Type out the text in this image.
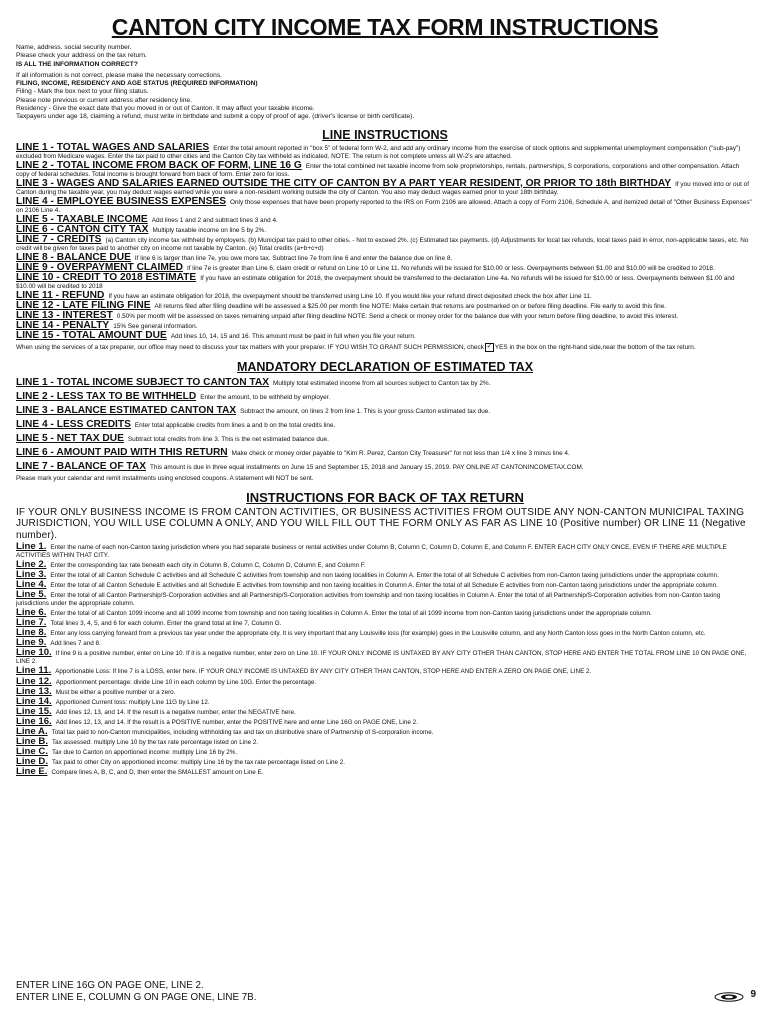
CANTON CITY INCOME TAX FORM INSTRUCTIONS

Name, address. social security number.

Please check your address on the tax return.

IS ALL THE INFORMATION CORRECT?

If all information is not correct, please make the necessary corrections.

FILING, INCOME, RESIDENCY AND AGE STATUS (REQUIRED INFORMATION)

Filing - Mark the box next to your filing status.

Please note previous or current address after residency line.

Residency - Give the exact date that you moved in or out of Canton. It may affect your taxable income.

Taxpayers under age 18, claiming a refund, must write in birthdate and submit a copy of proof of age. (driver's license or birth certificate).

LINE INSTRUCTIONS

LINE 1 - TOTAL WAGES AND SALARIES Enter the total amount reported in "box 5" of federal form W-2, and add any ordinary income from the exercise of stock options and supplemental unemployment compensation ("sub-pay") excluded from Medicare wages. Enter the tax paid to other cities and the Canton City tax withheld as indicated. NOTE: The return is not complete unless all W-2's are attached.

LINE 2 - TOTAL INCOME FROM BACK OF FORM, LINE 16 G Enter the total combined net taxable income from sole proprietorships, rentals, partnerships, S corporations, corporations and other compensation. Attach copy of federal schedules. Total income is brought forward from back of form. Enter zero for loss.

LINE 3 - WAGES AND SALARIES EARNED OUTSIDE THE CITY OF CANTON BY A PART YEAR RESIDENT, OR PRIOR TO 18th BIRTHDAY If you moved into or out of Canton during the taxable year, you may deduct wages earned while you were a non-resident working outside the city of Canton. You also may deduct wages earned prior to your 18th birthday.

LINE 4 - EMPLOYEE BUSINESS EXPENSES Only those expenses that have been properly reported to the IRS on Form 2106 are allowed. Attach a copy of Form 2106, Schedule A, and itemized detail of "Other Business Expenses" on 2106 Line 4.

LINE 5 - TAXABLE INCOME Add lines 1 and 2 and subtract lines 3 and 4.

LINE 6 - CANTON CITY TAX Multiply taxable income on line 5 by 2%.

LINE 7 - CREDITS (a) Canton city income tax withheld by employers. (b) Municipal tax paid to other cities. - Not to exceed 2%. (c) Estimated tax payments. (d) Adjustments for local tax refunds, local taxes paid in error, non-applicable taxes, etc. No credit will be given for taxes paid to another city on income not taxable by Canton. (e) Total credits (a+b+c+d)

LINE 8 - BALANCE DUE If line 6 is larger than line 7e, you owe more tax. Subtract line 7e from line 6 and enter the balance due on line 8.

LINE 9 - OVERPAYMENT CLAIMED If line 7e is greater than Line 6, claim credit or refund on Line 10 or Line 11. No refunds will be issued for $10.00 or less. Overpayments between $1.00 and $10.00 will be credited to 2018.

LINE 10 - CREDIT TO 2018 ESTIMATE If you have an estimate obligation for 2018, the overpayment should be transferred to the declaration Line 4a. No refunds will be issued for $10.00 or less. Overpayments between $1.00 and $10.00 will be credited to 2018

LINE 11 - REFUND If you have an estimate obligation for 2018, the overpayment should be transferred using Line 10. If you would like your refund direct deposited check the box after Line 11.

LINE 12 - LATE FILING FINE All returns filed after filing deadline will be assessed a $25.00 per month fine NOTE: Make certain that returns are postmarked on or before filing deadline. File early to avoid this fine.

LINE 13 - INTEREST 0.50% per month will be assessed on taxes remaining unpaid after filing deadline NOTE: Send a check or money order for the balance due with your return before filing deadline, to avoid this interest.

LINE 14 - PENALTY 15% See general information.

LINE 15 - TOTAL AMOUNT DUE Add lines 10, 14, 15 and 16. This amount must be paid in full when you file your return.

When using the services of a tax preparer, our office may need to discuss your tax matters with your preparer. IF YOU WISH TO GRANT SUCH PERMISSION, check ✓ YES in the box on the right-hand side,near the bottom of the tax return.

MANDATORY DECLARATION OF ESTIMATED TAX

LINE 1 - TOTAL INCOME SUBJECT TO CANTON TAX Multiply total estimated income from all sources subject to Canton tax by 2%.

LINE 2 - LESS TAX TO BE WITHHELD Enter the amount, to be withheld by employer.

LINE 3 - BALANCE ESTIMATED CANTON TAX Subtract the amount, on lines 2 from line 1. This is your gross Canton estimated tax due.

LINE 4 - LESS CREDITS Enter total applicable credits from lines a and b on the total credits line.

LINE 5 - NET TAX DUE Subtract total credits from line 3. This is the net estimated balance due.

LINE 6 - AMOUNT PAID WITH THIS RETURN Make check or money order payable to "Kim R. Perez, Canton City Treasurer" for not less than 1/4 x line 3 minus line 4.

LINE 7 - BALANCE OF TAX This amount is due in three equal installments on June 15 and September 15, 2018 and January 15, 2019. PAY ONLINE AT CANTONINCOMETAX.COM.

Please mark your calendar and remit installments using enclosed coupons. A statement will NOT be sent.

INSTRUCTIONS FOR BACK OF TAX RETURN

IF YOUR ONLY BUSINESS INCOME IS FROM CANTON ACTIVITIES, OR BUSINESS ACTIVITIES FROM OUTSIDE ANY NON-CANTON MUNICIPAL TAXING JURISDICTION, YOU WILL USE COLUMN A ONLY, AND YOU WILL FILL OUT THE FORM ONLY AS FAR AS LINE 10 (Positive number) OR LINE 11 (Negative number).

Line 1. Enter the name of each non-Canton taxing jurisdiction where you had separate business or rental activities under Column B, Column C, Column D, Column E, and Column F. ENTER EACH CITY ONLY ONCE, EVEN IF THERE ARE MULTIPLE ACTIVITIES WITHIN THAT CITY.

Line 2. Enter the corresponding tax rate beneath each city in Column B, Column C, Column D, Column E, and Column F.

Line 3. Enter the total of all Canton Schedule C activities and all Schedule C activities from township and non taxing localities in Column A. Enter the total of all Schedule C activities from non-Canton taxing jurisdictions under the appropriate column.

Line 4. Enter the total of all Canton Schedule E activities and all Schedule E activities from township and non taxing localities in Column A. Enter the total of all Schedule E activities from non-Canton taxing jurisdictions under the appropriate column.

Line 5. Enter the total of all Canton Partnership/S-Corporation activities and all Partnership/S-Corporation activities from township and non taxing localities in Column A. Enter the total of all Partnership/S-Corporation activities from non-Canton taxing jurisdictions under the appropriate column.

Line 6. Enter the total of all Canton 1099 income and all 1099 income from township and non taxing localities in Column A. Enter the total of all 1099 income from non-Canton taxing jurisdictions under the appropriate column.

Line 7. Total lines 3, 4, 5, and 6 for each column. Enter the grand total at line 7, Column G.

Line 8. Enter any loss carrying forward from a previous tax year under the appropriate city. It is very important that any Louisville loss (for example) goes in the Louisville column, and any North Canton loss goes in the North Canton column, etc.

Line 9. Add lines 7 and 8.

Line 10. If line 9 is a positive number, enter on Line 10. If it is a negative number, enter zero on Line 10. IF YOUR ONLY INCOME IS UNTAXED BY ANY CITY OTHER THAN CANTON, STOP HERE AND ENTER THE TOTAL FROM LINE 10 ON PAGE ONE, LINE 2.

Line 11. Apportionable Loss: If line 7 is a LOSS, enter here. IF YOUR ONLY INCOME IS UNTAXED BY ANY CITY OTHER THAN CANTON, STOP HERE AND ENTER A ZERO ON PAGE ONE, LINE 2.

Line 12. Apportionment percentage: divide Line 10 in each column by Line 10G. Enter the percentage.

Line 13. Must be either a positive number or a zero.

Line 14. Apportioned Current loss: multiply Line 11G by Line 12.

Line 15. Add lines 12, 13, and 14. If the result is a negative number, enter the NEGATIVE here.

Line 16. Add lines 12, 13, and 14. If the result is a POSITIVE number, enter the POSITIVE here and enter Line 16G on PAGE ONE, Line 2.

Line A. Total tax paid to non-Canton municipalities, including withholding tax and tax on distributive share of Partnership of S-corporation income.

Line B. Tax assessed: multiply Line 10 by the tax rate percentage listed on Line 2.

Line C. Tax due to Canton on apportioned income: multiply Line 16 by 2%.

Line D. Tax paid to other City on apportioned income: multiply Line 16 by the tax rate percentage listed on Line 2.

Line E. Compare lines A, B, C, and D, then enter the SMALLEST amount on Line E.

ENTER LINE 16G ON PAGE ONE, LINE 2.

ENTER LINE E, COLUMN G ON PAGE ONE, LINE 7B.	9
